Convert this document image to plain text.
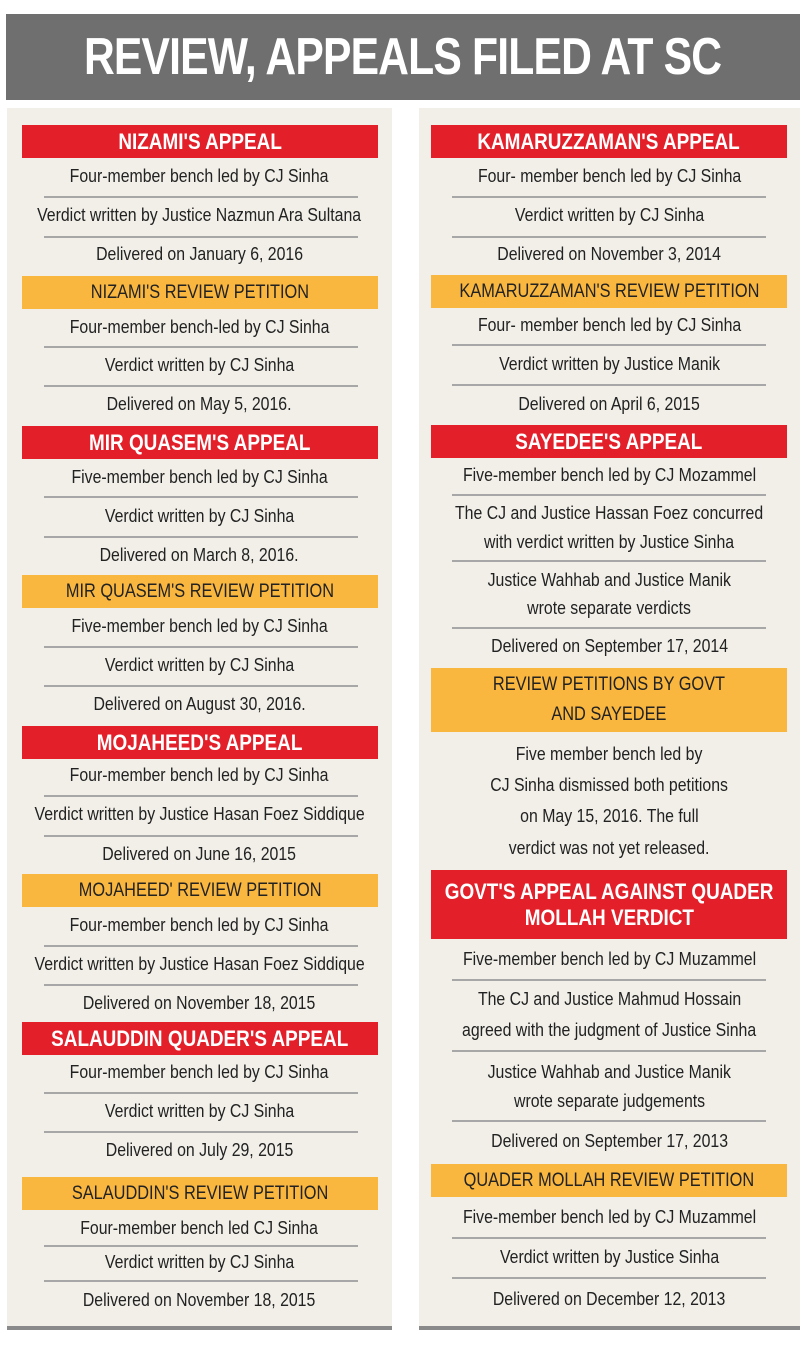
REVIEW, APPEALS FILED AT SC
NIZAMI'S APPEAL
Four-member bench led by CJ Sinha
Verdict written by Justice Nazmun Ara Sultana
Delivered on January 6, 2016
NIZAMI'S REVIEW PETITION
Four-member bench-led by CJ Sinha
Verdict written by CJ Sinha
Delivered on May 5, 2016.
MIR QUASEM'S APPEAL
Five-member bench led by CJ Sinha
Verdict written by CJ Sinha
Delivered on March 8, 2016.
MIR QUASEM'S REVIEW PETITION
Five-member bench led by CJ Sinha
Verdict written by CJ Sinha
Delivered on August 30, 2016.
MOJAHEED'S APPEAL
Four-member bench led by CJ Sinha
Verdict written by Justice Hasan Foez Siddique
Delivered on June 16, 2015
MOJAHEED' REVIEW PETITION
Four-member bench led by CJ Sinha
Verdict written by Justice Hasan Foez Siddique
Delivered on November 18, 2015
SALAUDDIN QUADER'S APPEAL
Four-member bench led by CJ Sinha
Verdict written by CJ Sinha
Delivered on July 29, 2015
SALAUDDIN'S REVIEW PETITION
Four-member bench led CJ Sinha
Verdict written by CJ Sinha
Delivered on November 18, 2015
KAMARUZZAMAN'S APPEAL
Four- member bench led by CJ Sinha
Verdict written by CJ Sinha
Delivered on November 3, 2014
KAMARUZZAMAN'S REVIEW PETITION
Four- member bench led by CJ Sinha
Verdict written by Justice Manik
Delivered on April 6, 2015
SAYEDEE'S APPEAL
Five-member bench led by CJ Mozammel
The CJ and Justice Hassan Foez concurred
with verdict written by Justice Sinha
Justice Wahhab and Justice Manik
wrote separate verdicts
Delivered on September 17, 2014
REVIEW PETITIONS BY GOVT
AND SAYEDEE
Five member bench led by
CJ Sinha dismissed both petitions
on May 15, 2016. The full
verdict was not yet released.
GOVT'S APPEAL AGAINST QUADER
MOLLAH VERDICT
Five-member bench led by CJ Muzammel
The CJ and Justice Mahmud Hossain
agreed with the judgment of Justice Sinha
Justice Wahhab and Justice Manik
wrote separate judgements
Delivered on September 17, 2013
QUADER MOLLAH REVIEW PETITION
Five-member bench led by CJ Muzammel
Verdict written by Justice Sinha
Delivered on December 12, 2013
